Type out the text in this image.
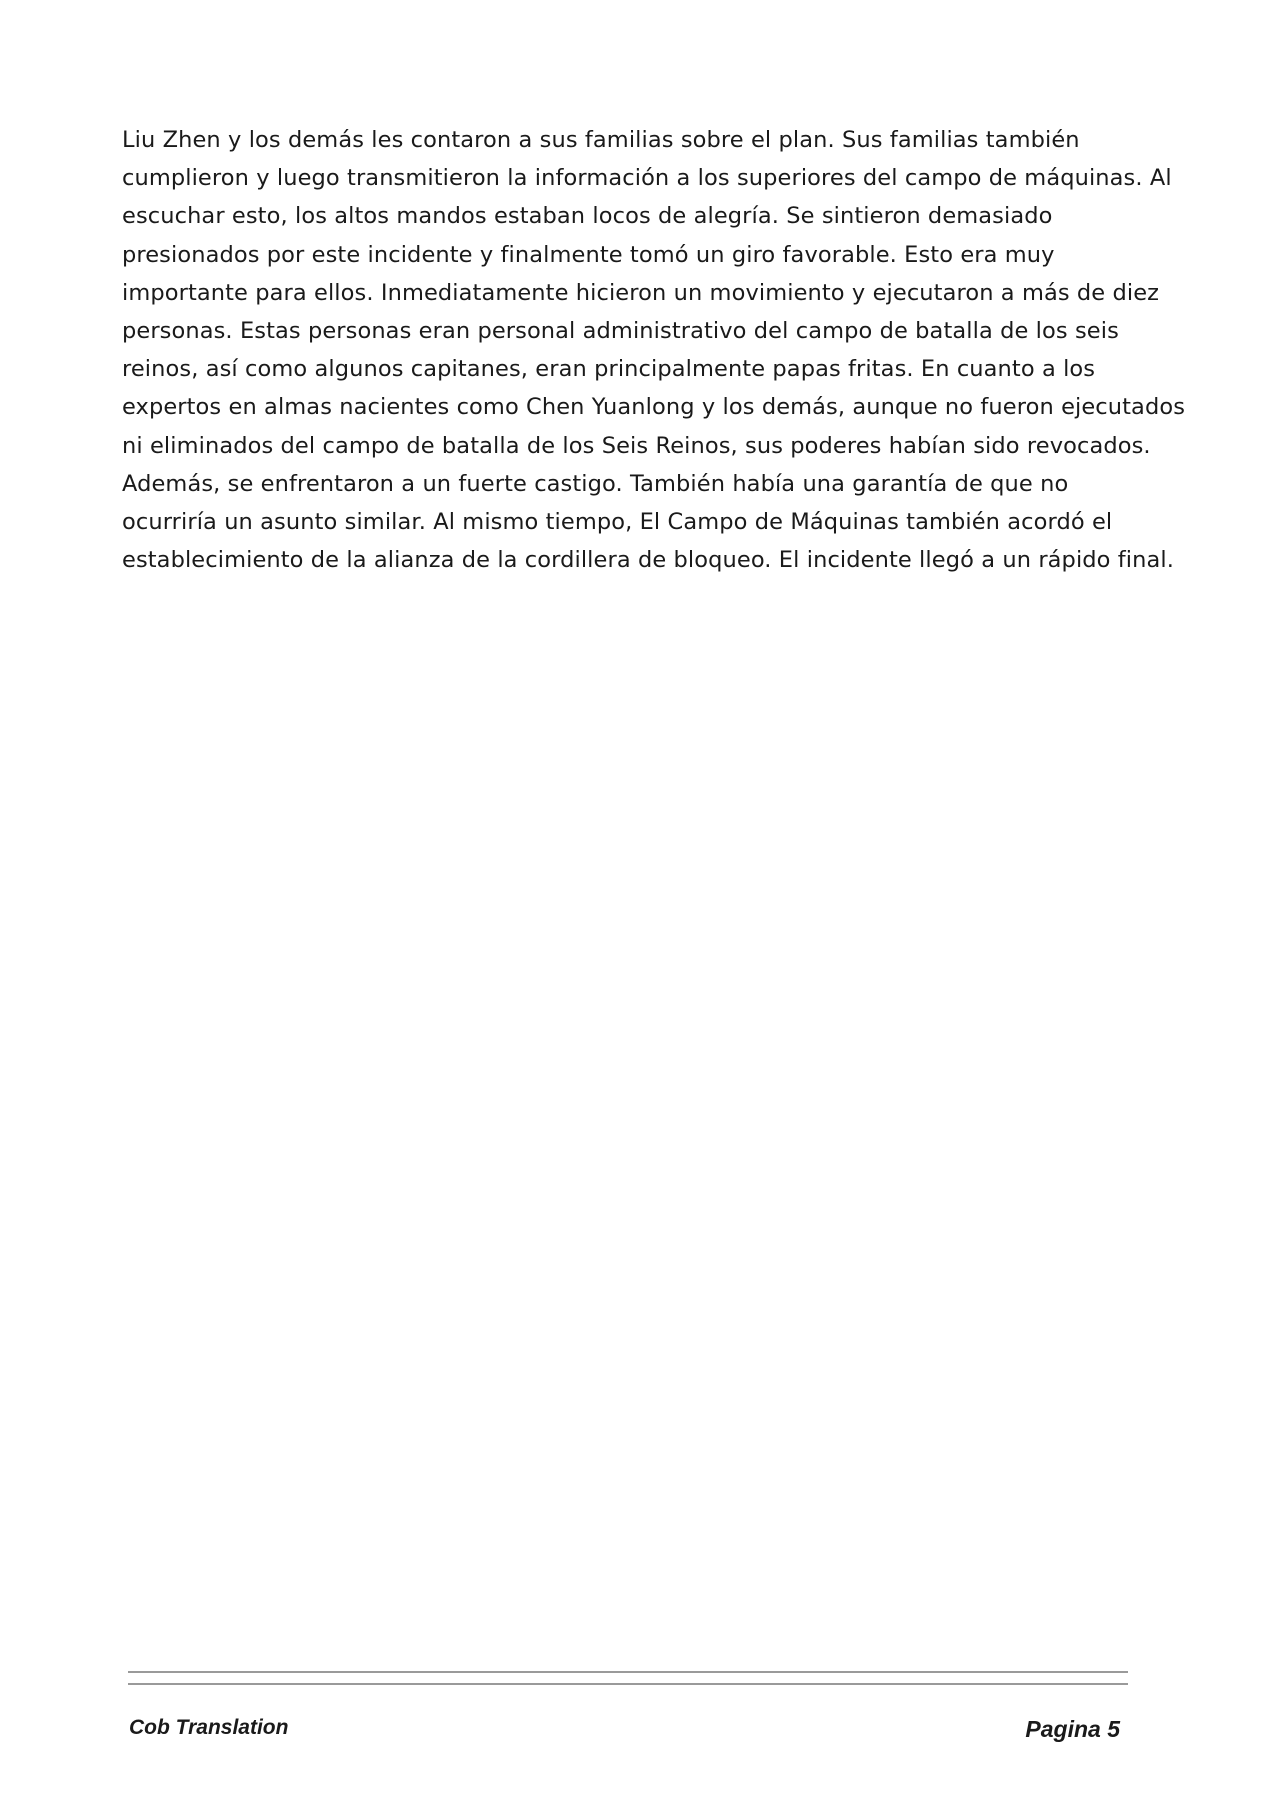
Liu Zhen y los demás les contaron a sus familias sobre el plan. Sus familias también
cumplieron y luego transmitieron la información a los superiores del campo de máquinas. Al
escuchar esto, los altos mandos estaban locos de alegría. Se sintieron demasiado
presionados por este incidente y finalmente tomó un giro favorable. Esto era muy
importante para ellos. Inmediatamente hicieron un movimiento y ejecutaron a más de diez
personas. Estas personas eran personal administrativo del campo de batalla de los seis
reinos, así como algunos capitanes, eran principalmente papas fritas. En cuanto a los
expertos en almas nacientes como Chen Yuanlong y los demás, aunque no fueron ejecutados
ni eliminados del campo de batalla de los Seis Reinos, sus poderes habían sido revocados.
Además, se enfrentaron a un fuerte castigo. También había una garantía de que no
ocurriría un asunto similar. Al mismo tiempo, El Campo de Máquinas también acordó el
establecimiento de la alianza de la cordillera de bloqueo. El incidente llegó a un rápido final.

Cob Translation	Pagina 5
